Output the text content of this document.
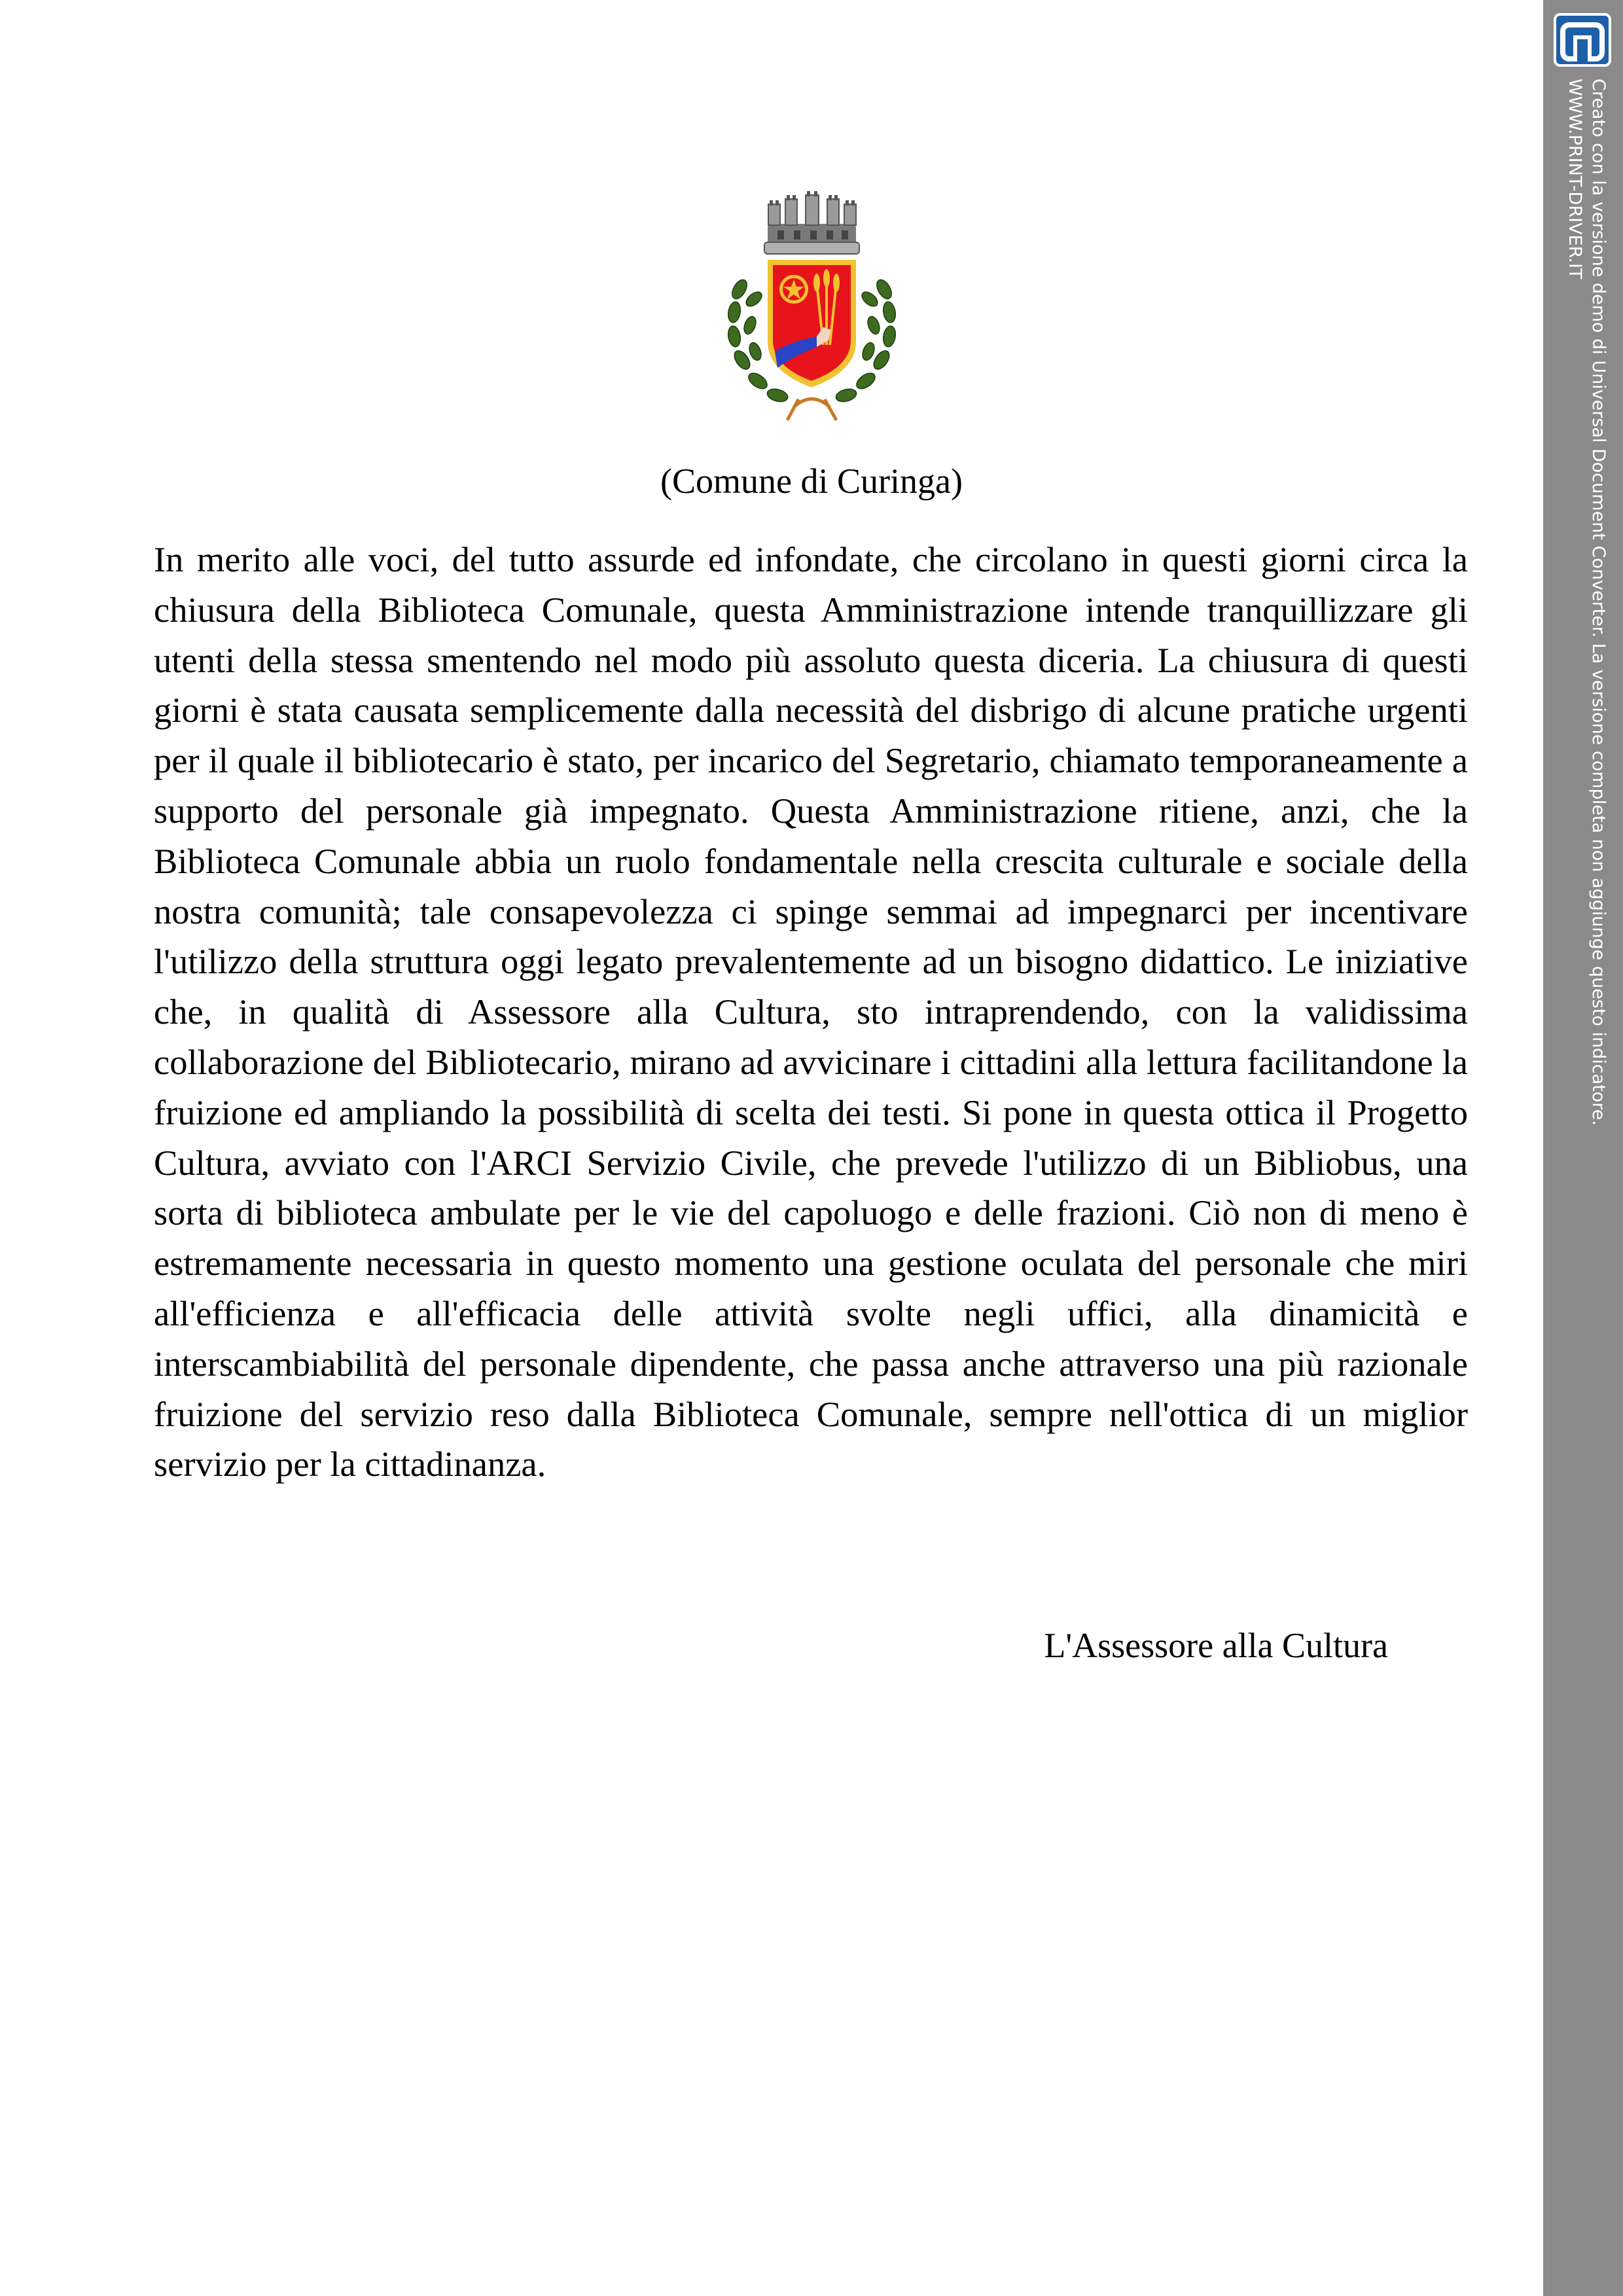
(Comune di Curinga)

In merito alle voci, del tutto assurde ed infondate, che circolano in questi giorni circa la chiusura della Biblioteca Comunale, questa Amministrazione intende tranquillizzare gli utenti della stessa smentendo nel modo più assoluto questa diceria. La chiusura di questi giorni è stata causata semplicemente dalla necessità del disbrigo di alcune pratiche urgenti per il quale il bibliotecario è stato, per incarico del Segretario, chiamato temporaneamente a supporto del personale già impegnato. Questa Amministrazione ritiene, anzi, che la Biblioteca Comunale abbia un ruolo fondamentale nella crescita culturale e sociale della nostra comunità; tale consapevolezza ci spinge semmai ad impegnarci per incentivare l'utilizzo della struttura oggi legato prevalentemente ad un bisogno didattico. Le iniziative che, in qualità di Assessore alla Cultura, sto intraprendendo, con la validissima collaborazione del Bibliotecario, mirano ad avvicinare i cittadini alla lettura facilitandone la fruizione ed ampliando la possibilità di scelta dei testi. Si pone in questa ottica il Progetto Cultura, avviato con l'ARCI Servizio Civile, che prevede l'utilizzo di un Bibliobus, una sorta di biblioteca ambulate per le vie del capoluogo e delle frazioni. Ciò non di meno è estremamente necessaria in questo momento una gestione oculata del personale che miri all'efficienza e all'efficacia delle attività svolte negli uffici, alla dinamicità e interscambiabilità del personale dipendente, che passa anche attraverso una più razionale fruizione del servizio reso dalla Biblioteca Comunale, sempre nell'ottica di un miglior servizio per la cittadinanza.

L'Assessore alla Cultura
Creato con la versione demo di Universal Document Converter. La versione completa non aggiunge questo indicatore.
WWW.PRINT-DRIVER.IT
